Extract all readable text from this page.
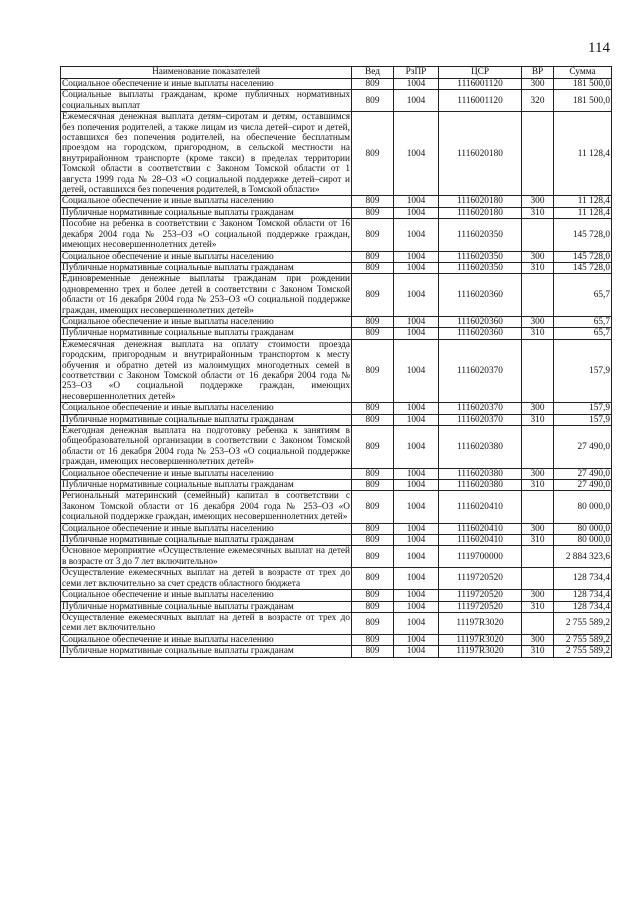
114
Наименование показателей	Вед	РзПР	ЦСР	ВР	Сумма
Социальное обеспечение и иные выплаты населению	809	1004	1116001120	300	181 500,0
Социальные выплаты гражданам, кроме публичных нормативных социальных выплат	809	1004	1116001120	320	181 500,0
Ежемесячная денежная выплата детям–сиротам и детям, оставшимся без попечения родителей, а также лицам из числа детей–сирот и детей, оставшихся без попечения родителей, на обеспечение бесплатным проездом на городском, пригородном, в сельской местности на внутрирайонном транспорте (кроме такси) в пределах территории Томской области в соответствии с Законом Томской области от 1 августа 1999 года № 28–ОЗ «О социальной поддержке детей–сирот и детей, оставшихся без попечения родителей, в Томской области»	809	1004	1116020180		11 128,4
Социальное обеспечение и иные выплаты населению	809	1004	1116020180	300	11 128,4
Публичные нормативные социальные выплаты гражданам	809	1004	1116020180	310	11 128,4
Пособие на ребенка в соответствии с Законом Томской области от 16 декабря 2004 года № 253–ОЗ «О социальной поддержке граждан, имеющих несовершеннолетних детей»	809	1004	1116020350		145 728,0
Социальное обеспечение и иные выплаты населению	809	1004	1116020350	300	145 728,0
Публичные нормативные социальные выплаты гражданам	809	1004	1116020350	310	145 728,0
Единовременные денежные выплаты гражданам при рождении одновременно трех и более детей в соответствии с Законом Томской области от 16 декабря 2004 года № 253–ОЗ «О социальной поддержке граждан, имеющих несовершеннолетних детей»	809	1004	1116020360		65,7
Социальное обеспечение и иные выплаты населению	809	1004	1116020360	300	65,7
Публичные нормативные социальные выплаты гражданам	809	1004	1116020360	310	65,7
Ежемесячная денежная выплата на оплату стоимости проезда городским, пригородным и внутрирайонным транспортом к месту обучения и обратно детей из малоимущих многодетных семей в соответствии с Законом Томской области от 16 декабря 2004 года № 253–ОЗ «О социальной поддержке граждан, имеющих несовершеннолетних детей»	809	1004	1116020370		157,9
Социальное обеспечение и иные выплаты населению	809	1004	1116020370	300	157,9
Публичные нормативные социальные выплаты гражданам	809	1004	1116020370	310	157,9
Ежегодная денежная выплата на подготовку ребенка к занятиям в общеобразовательной организации в соответствии с Законом Томской области от 16 декабря 2004 года № 253–ОЗ «О социальной поддержке граждан, имеющих несовершеннолетних детей»	809	1004	1116020380		27 490,0
Социальное обеспечение и иные выплаты населению	809	1004	1116020380	300	27 490,0
Публичные нормативные социальные выплаты гражданам	809	1004	1116020380	310	27 490,0
Региональный материнский (семейный) капитал в соответствии с Законом Томской области от 16 декабря 2004 года № 253–ОЗ «О социальной поддержке граждан, имеющих несовершеннолетних детей»	809	1004	1116020410		80 000,0
Социальное обеспечение и иные выплаты населению	809	1004	1116020410	300	80 000,0
Публичные нормативные социальные выплаты гражданам	809	1004	1116020410	310	80 000,0
Основное мероприятие «Осуществление ежемесячных выплат на детей в возрасте от 3 до 7 лет включительно»	809	1004	1119700000		2 884 323,6
Осуществление ежемесячных выплат на детей в возрасте от трех до семи лет включительно за счет средств областного бюджета	809	1004	1119720520		128 734,4
Социальное обеспечение и иные выплаты населению	809	1004	1119720520	300	128 734,4
Публичные нормативные социальные выплаты гражданам	809	1004	1119720520	310	128 734,4
Осуществление ежемесячных выплат на детей в возрасте от трех до семи лет включительно	809	1004	11197R3020		2 755 589,2
Социальное обеспечение и иные выплаты населению	809	1004	11197R3020	300	2 755 589,2
Публичные нормативные социальные выплаты гражданам	809	1004	11197R3020	310	2 755 589,2
